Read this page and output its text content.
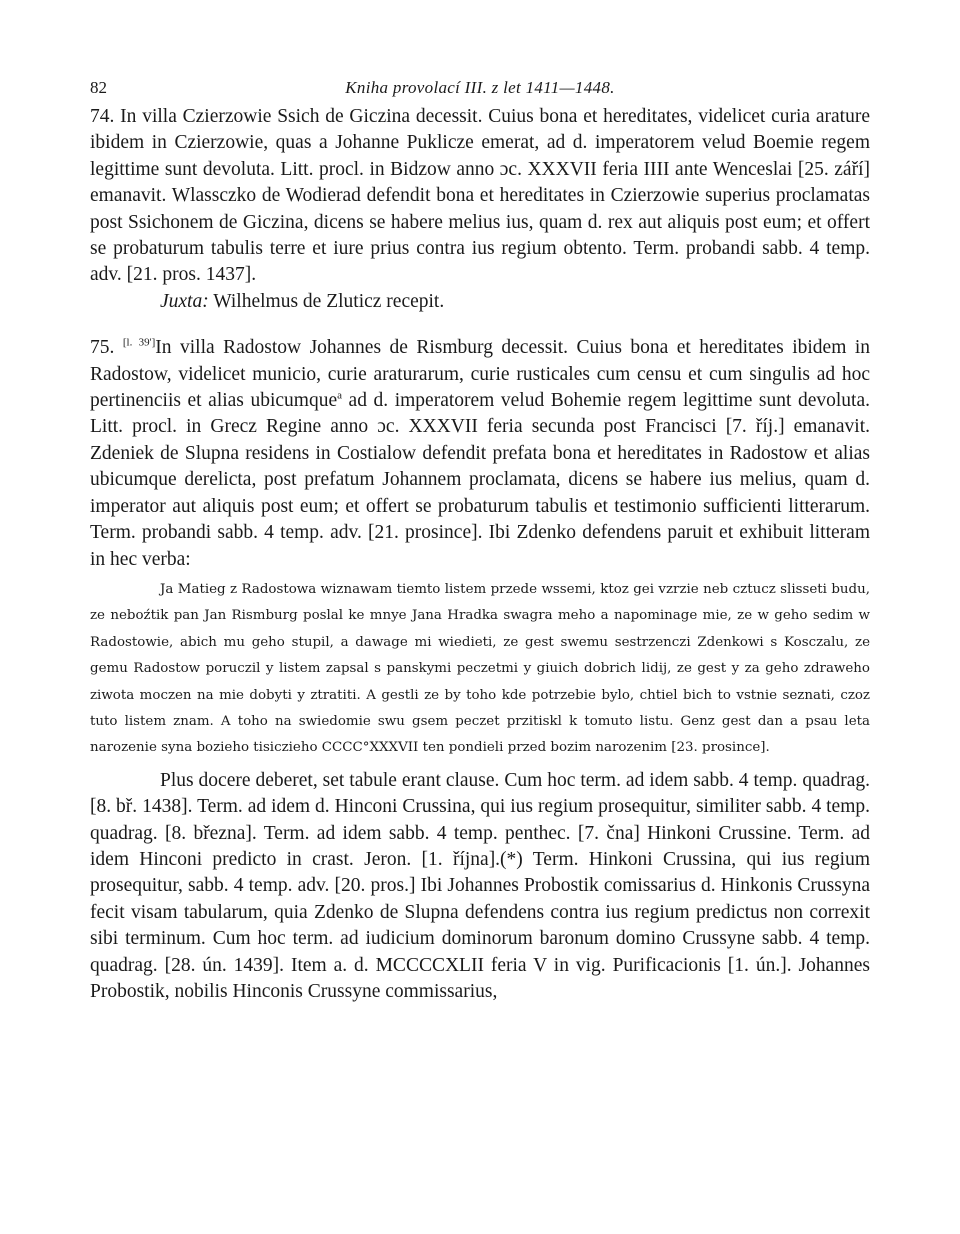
82	Kniha provolací III. z let 1411—1448.

74. In villa Czierzowie Ssich de Giczina decessit. Cuius bona et hereditates, videlicet curia arature ibidem in Czierzowie, quas a Johanne Puklicze emerat, ad d. imperatorem velud Boemie regem legittime sunt devoluta. Litt. procl. in Bidzow anno ɔc. XXXVII feria IIII ante Wenceslai [25. září] emanavit. Wlassczko de Wodierad defendit bona et hereditates in Czierzowie superius proclamatas post Ssichonem de Giczina, dicens se habere melius ius, quam d. rex aut aliquis post eum; et offert se probaturum tabulis terre et iure prius contra ius regium obtento. Term. probandi sabb. 4 temp. adv. [21. pros. 1437].

Juxta: Wilhelmus de Zluticz recepit.

75. [l. 39']In villa Radostow Johannes de Rismburg decessit. Cuius bona et hereditates ibidem in Radostow, videlicet municio, curie araturarum, curie rusticales cum censu et cum singulis ad hoc pertinenciis et alias ubicumque$^a$ ad d. imperatorem velud Bohemie regem legittime sunt devoluta. Litt. procl. in Grecz Regine anno ɔc. XXXVII feria secunda post Francisci [7. říj.] emanavit. Zdeniek de Slupna residens in Costialow defendit prefata bona et hereditates in Radostow et alias ubicumque derelicta, post prefatum Johannem proclamata, dicens se habere ius melius, quam d. imperator aut aliquis post eum; et offert se probaturum tabulis et testimonio sufficienti litterarum. Term. probandi sabb. 4 temp. adv. [21. prosince]. Ibi Zdenko defendens paruit et exhibuit litteram in hec verba:

Ja Matieg z Radostowa wiznawam tiemto listem przede wssemi, ktoz gei vzrzie neb cztucz slisseti budu, ze neboźtik pan Jan Rismburg poslal ke mnye Jana Hradka swagra meho a napominage mie, ze w geho sedim w Radostowie, abich mu geho stupil, a dawage mi wiedieti, ze gest swemu sestrzenczi Zdenkowi s Kosczalu, ze gemu Radostow poruczil y listem zapsal s panskymi peczetmi y giuich dobrich lidij, ze gest y za geho zdraweho ziwota moczen na mie dobyti y ztratiti. A gestli ze by toho kde potrzebie bylo, chtiel bich to vstnie seznati, czoz tuto listem znam. A toho na swiedomie swu gsem peczet przitiskl k tomuto listu. Genz gest dan a psau leta narozenie syna bozieho tisiczieho CCCC°XXXVII ten pondieli przed bozim narozenim [23. prosince].

Plus docere deberet, set tabule erant clause. Cum hoc term. ad idem sabb. 4 temp. quadrag. [8. bř. 1438]. Term. ad idem d. Hinconi Crussina, qui ius regium prosequitur, similiter sabb. 4 temp. quadrag. [8. března]. Term. ad idem sabb. 4 temp. penthec. [7. čna] Hinkoni Crussine. Term. ad idem Hinconi predicto in crast. Jeron. [1. října].(*) Term. Hinkoni Crussina, qui ius regium prosequitur, sabb. 4 temp. adv. [20. pros.] Ibi Johannes Probostik comissarius d. Hinkonis Crussyna fecit visam tabularum, quia Zdenko de Slupna defendens contra ius regium predictus non correxit sibi terminum. Cum hoc term. ad iudicium dominorum baronum domino Crussyne sabb. 4 temp. quadrag. [28. ún. 1439]. Item a. d. MCCCCXLII feria V in vig. Purificacionis [1. ún.]. Johannes Probostik, nobilis Hinconis Crussyne commissarius,
